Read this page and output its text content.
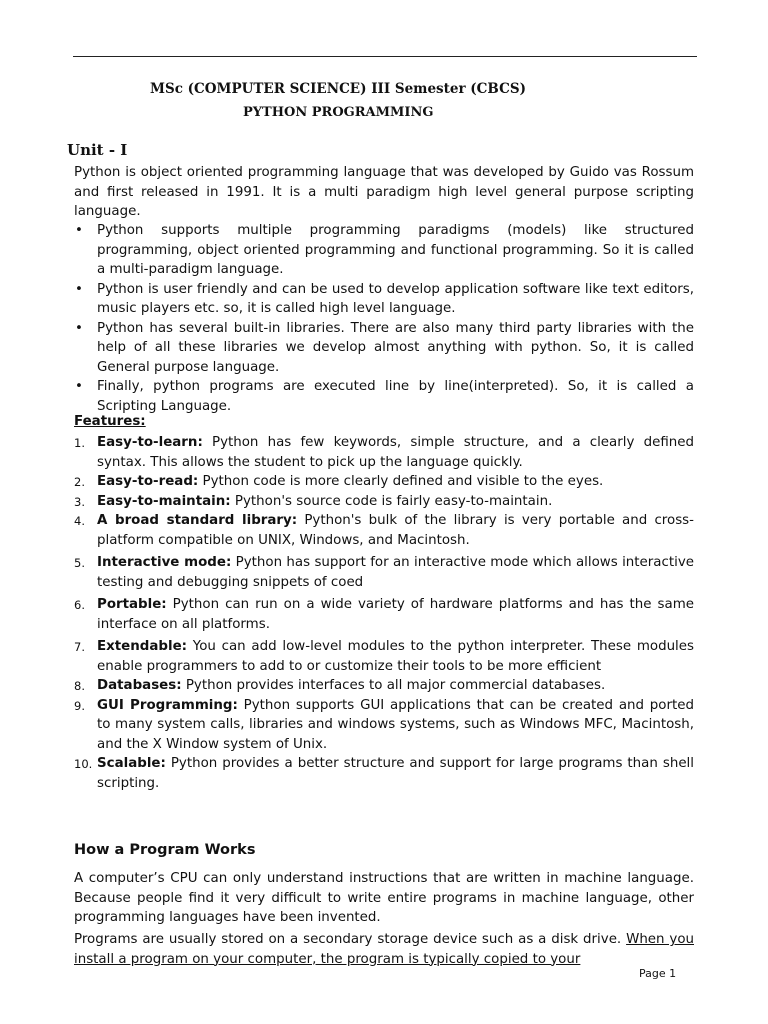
MSc (COMPUTER SCIENCE) III Semester (CBCS)
PYTHON PROGRAMMING
Unit - I
Python is object oriented programming language that was developed by Guido vas Rossum and first released in 1991. It is a multi paradigm high level general purpose scripting language.
• Python supports multiple programming paradigms (models) like structured programming, object oriented programming and functional programming. So it is called a multi-paradigm language.
• Python is user friendly and can be used to develop application software like text editors, music players etc. so, it is called high level language.
• Python has several built-in libraries. There are also many third party libraries with the help of all these libraries we develop almost anything with python. So, it is called General purpose language.
• Finally, python programs are executed line by line(interpreted). So, it is called a Scripting Language.
Features:
1. Easy-to-learn: Python has few keywords, simple structure, and a clearly defined syntax. This allows the student to pick up the language quickly.
2. Easy-to-read: Python code is more clearly defined and visible to the eyes.
3. Easy-to-maintain: Python's source code is fairly easy-to-maintain.
4. A broad standard library: Python's bulk of the library is very portable and cross-platform compatible on UNIX, Windows, and Macintosh.
5. Interactive mode: Python has support for an interactive mode which allows interactive testing and debugging snippets of coed
6. Portable: Python can run on a wide variety of hardware platforms and has the same interface on all platforms.
7. Extendable: You can add low-level modules to the python interpreter. These modules enable programmers to add to or customize their tools to be more efficient
8. Databases: Python provides interfaces to all major commercial databases.
9. GUI Programming: Python supports GUI applications that can be created and ported to many system calls, libraries and windows systems, such as Windows MFC, Macintosh, and the X Window system of Unix.
10. Scalable: Python provides a better structure and support for large programs than shell scripting.
How a Program Works
A computer’s CPU can only understand instructions that are written in machine language. Because people find it very difficult to write entire programs in machine language, other programming languages have been invented.
Programs are usually stored on a secondary storage device such as a disk drive. When you install a program on your computer, the program is typically copied to your
Page 1
